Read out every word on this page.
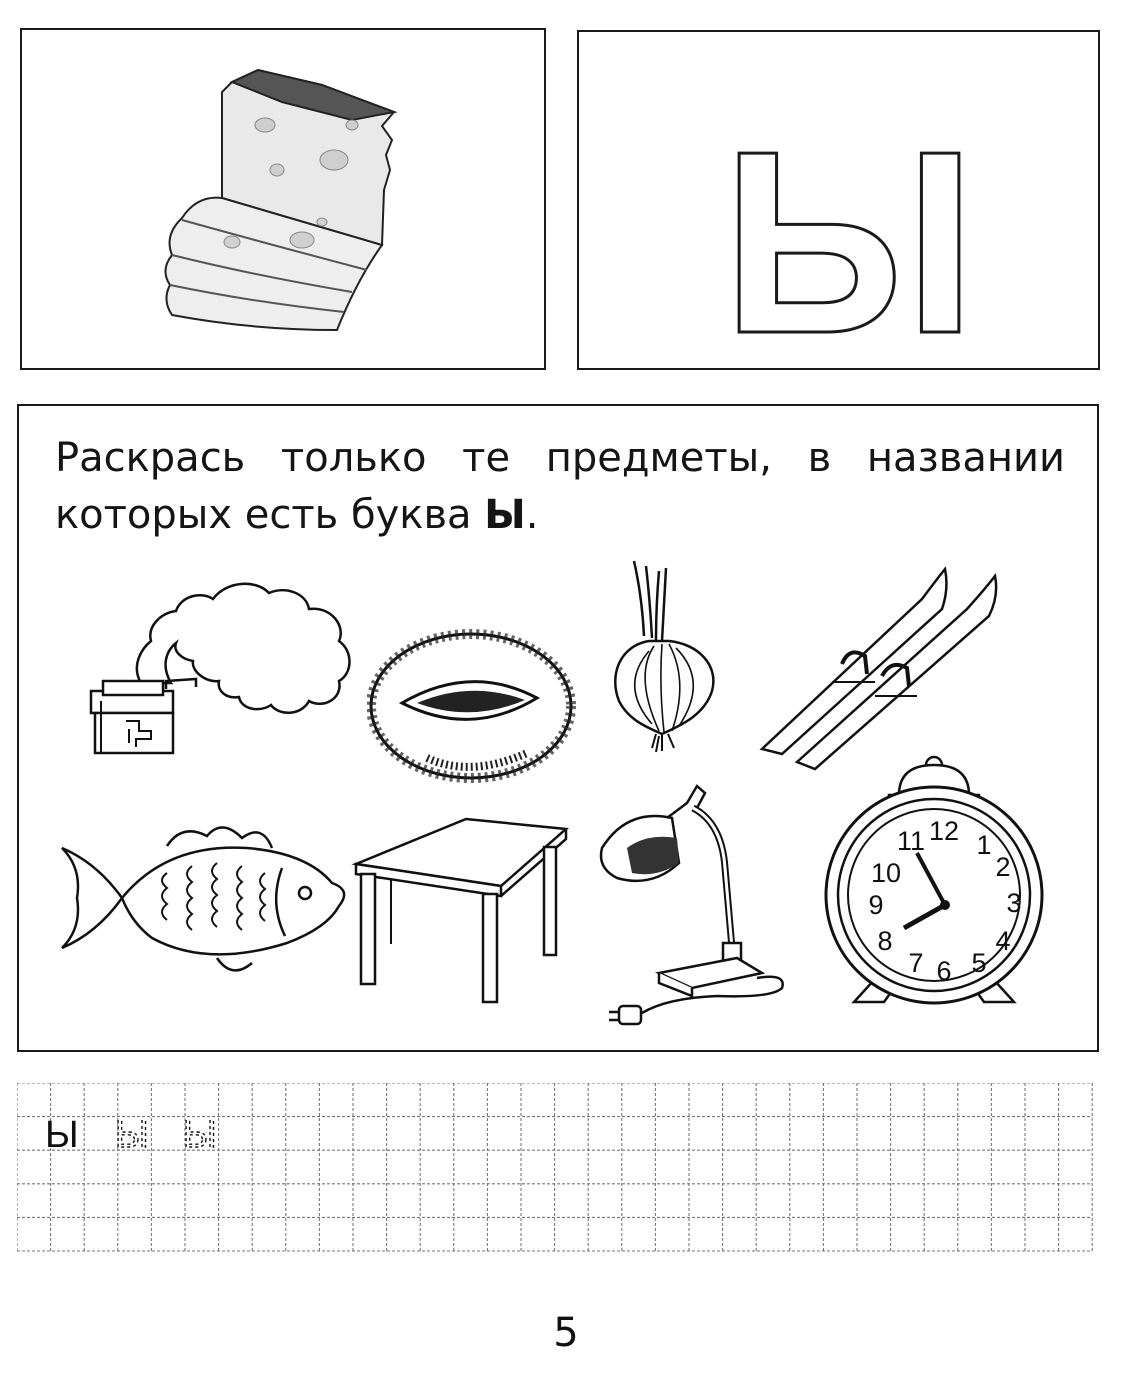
Ы
Раскрась только те предметы, в названии
которых есть буква Ы.
12 1
2
3
4
5
6
7
8
9
10
11
Ы Ы Ы
5
